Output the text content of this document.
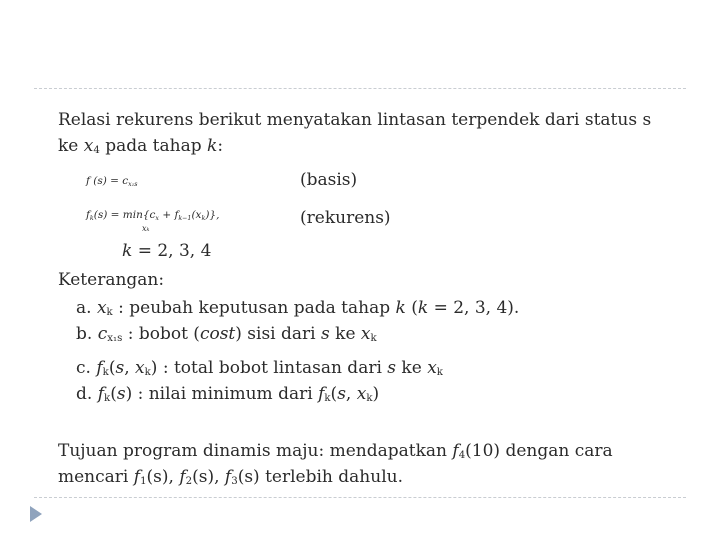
Relasi rekurens berikut menyatakan lintasan terpendek dari status s
ke $x_4$ pada tahap k:
f $(s) = c_{x_1s}$	(basis)
$f_k(s) = \min\{c_x + f_{k-1}(x_k)\}$,
xₖ
(rekurens)
k = 2, 3, 4
Keterangan:
a. $x_k$ : peubah keputusan pada tahap k (k = 2, 3, 4).
b. $c_{x_1s}$ : bobot (cost) sisi dari s ke $x_k$
c. $f_k(s$, $x_k$) : total bobot lintasan dari s ke $x_k$
d. $f_k(s)$ : nilai minimum dari $f_k(s$, $x_k$)
Tujuan program dinamis maju: mendapatkan $f_4(10)$ dengan cara
mencari $f_1(s)$, $f_2(s)$, $f_3(s)$ terlebih dahulu.
